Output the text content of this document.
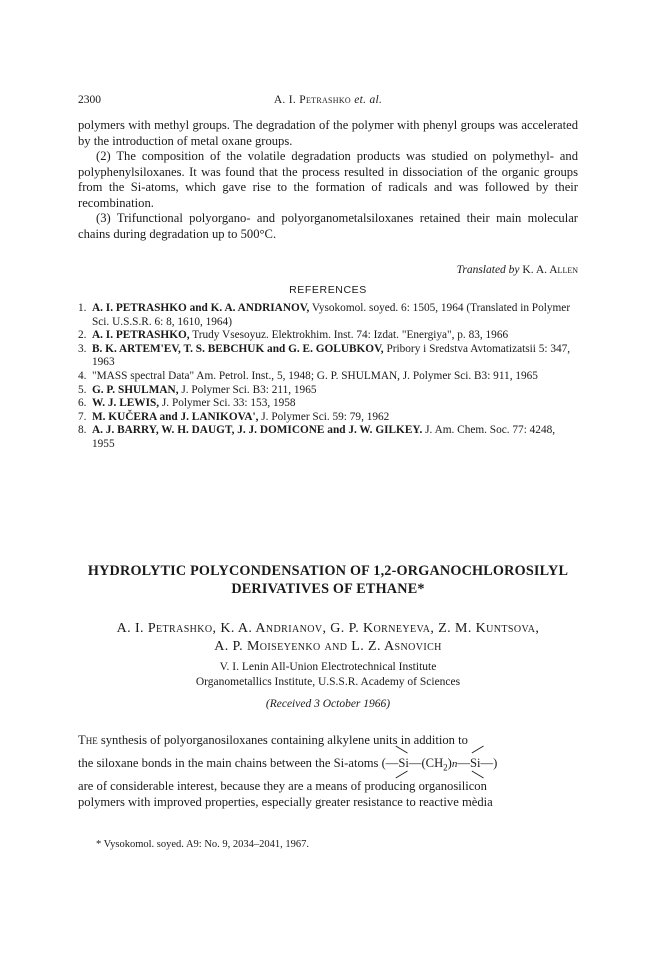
2300	A. I. Petrashko et. al.

polymers with methyl groups. The degradation of the polymer with phenyl groups was accelerated by the introduction of metal oxane groups.

(2) The composition of the volatile degradation products was studied on polymethyl- and polyphenylsiloxanes. It was found that the process resulted in dissociation of the organic groups from the Si-atoms, which gave rise to the formation of radicals and was followed by their recombination.

(3) Trifunctional polyorgano- and polyorganometalsiloxanes retained their main molecular chains during degradation up to 500°C.

Translated by K. A. Allen
REFERENCES
1. A. I. PETRASHKO and K. A. ANDRIANOV, Vysokomol. soyed. 6: 1505, 1964 (Translated in Polymer Sci. U.S.S.R. 6: 8, 1610, 1964)
2. A. I. PETRASHKO, Trudy Vsesoyuz. Elektrokhim. Inst. 74: Izdat. "Energiya", p. 83, 1966
3. B. K. ARTEM'EV, T. S. BEBCHUK and G. E. GOLUBKOV, Pribory i Sredstva Avtomatizatsii 5: 347, 1963
4. "MASS spectral Data" Am. Petrol. Inst., 5, 1948; G. P. SHULMAN, J. Polymer Sci. B3: 911, 1965
5. G. P. SHULMAN, J. Polymer Sci. B3: 211, 1965
6. W. J. LEWIS, J. Polymer Sci. 33: 153, 1958
7. M. KUČERA and J. LANIKOVA', J. Polymer Sci. 59: 79, 1962
8. A. J. BARRY, W. H. DAUGT, J. J. DOMICONE and J. W. GILKEY. J. Am. Chem. Soc. 77: 4248, 1955
HYDROLYTIC POLYCONDENSATION OF 1,2-ORGANOCHLOROSILYL
DERIVATIVES OF ETHANE*
A. I. Petrashko, K. A. Andrianov, G. P. Korneyeva, Z. M. Kuntsova,
A. P. Moiseyenko and L. Z. Asnovich
V. I. Lenin All-Union Electrotechnical Institute
Organometallics Institute, U.S.S.R. Academy of Sciences
(Received 3 October 1966)
The synthesis of polyorganosiloxanes containing alkylene units in addition to
the siloxane bonds in the main chains between the Si-atoms ($—Si—(CH_2)n—Si—$
)
are of considerable interest, because they are a means of producing organosilicon
polymers with improved properties, especially greater resistance to reactive mèdia
* Vysokomol. soyed. A9: No. 9, 2034–2041, 1967.
